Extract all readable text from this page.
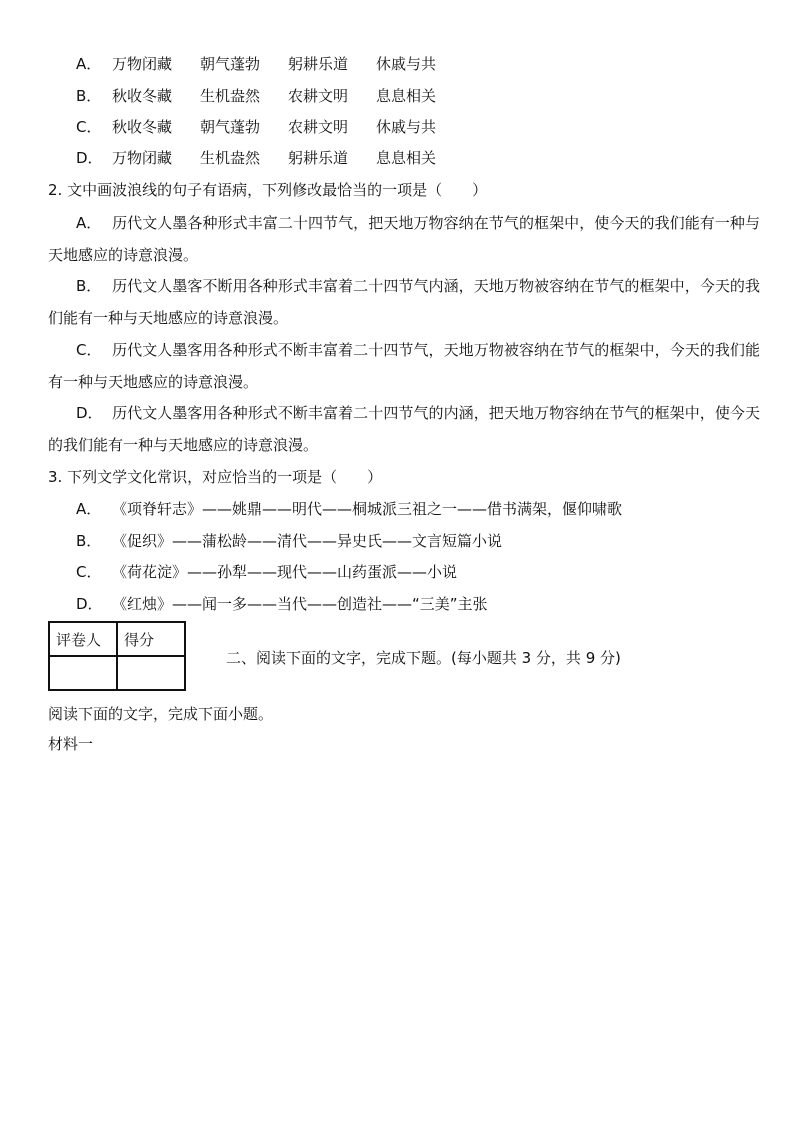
A． 万物闭藏 朝气蓬勃 躬耕乐道 休戚与共
B． 秋收冬藏 生机盎然 农耕文明 息息相关
C． 秋收冬藏 朝气蓬勃 农耕文明 休戚与共
D． 万物闭藏 生机盎然 躬耕乐道 息息相关
2. 文中画波浪线的句子有语病，下列修改最恰当的一项是（　　）
A． 历代文人墨各种形式丰富二十四节气，把天地万物容纳在节气的框架中，使今天的我们能有一种与天地感应的诗意浪漫。
B． 历代文人墨客不断用各种形式丰富着二十四节气内涵，天地万物被容纳在节气的框架中，今天的我们能有一种与天地感应的诗意浪漫。
C． 历代文人墨客用各种形式不断丰富着二十四节气，天地万物被容纳在节气的框架中，今天的我们能有一种与天地感应的诗意浪漫。
D． 历代文人墨客用各种形式不断丰富着二十四节气的内涵，把天地万物容纳在节气的框架中，使今天的我们能有一种与天地感应的诗意浪漫。
3. 下列文学文化常识，对应恰当的一项是（　　）
A． 《项脊轩志》——姚鼎——明代——桐城派三祖之一——借书满架，偃仰啸歌
B． 《促织》——蒲松龄——清代——异史氏——文言短篇小说
C． 《荷花淀》——孙犁——现代——山药蛋派——小说
D． 《红烛》——闻一多——当代——创造社——“三美”主张
评卷人	得分

二、阅读下面的文字，完成下题。(每小题共 3 分，共 9 分)
阅读下面的文字，完成下面小题。
材料一
